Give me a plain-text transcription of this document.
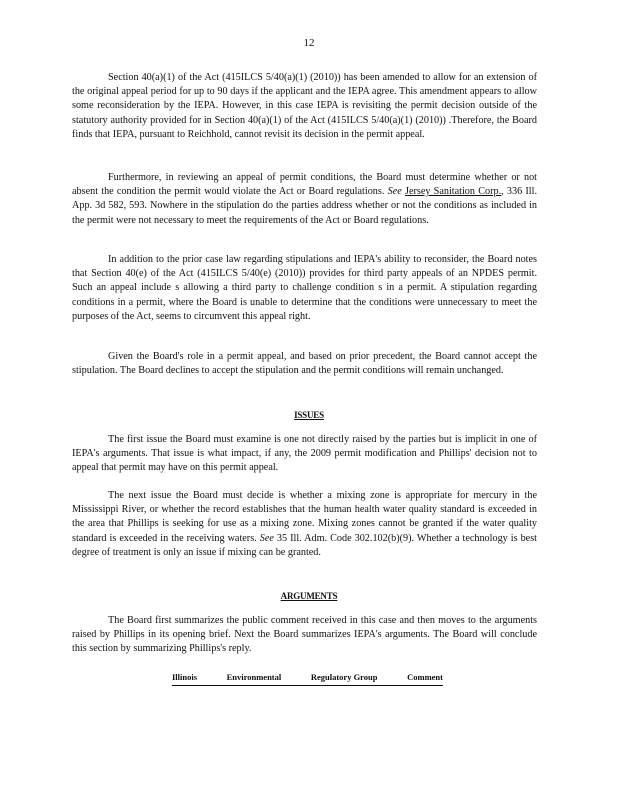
12

Section 40(a)(1) of the Act (415ILCS 5/40(a)(1) (2010)) has been amended to allow for an extension of the original appeal period for up to 90 days if the applicant and the IEPA agree. This amendment appears to allow some reconsideration by the IEPA. However, in this case IEPA is revisiting the permit decision outside of the statutory authority provided for in Section 40(a)(1) of the Act (415ILCS 5/40(a)(1) (2010)) .Therefore, the Board finds that IEPA, pursuant to Reichhold, cannot revisit its decision in the permit appeal.

Furthermore, in reviewing an appeal of permit conditions, the Board must determine whether or not absent the condition the permit would violate the Act or Board regulations. See Jersey Sanitation Corp., 336 Ill. App. 3d 582, 593. Nowhere in the stipulation do the parties address whether or not the conditions as included in the permit were not necessary to meet the requirements of the Act or Board regulations.

In addition to the prior case law regarding stipulations and IEPA's ability to reconsider, the Board notes that Section 40(e) of the Act (415ILCS 5/40(e) (2010)) provides for third party appeals of an NPDES permit. Such an appeal include s allowing a third party to challenge condition s in a permit. A stipulation regarding conditions in a permit, where the Board is unable to determine that the conditions were unnecessary to meet the purposes of the Act, seems to circumvent this appeal right.

Given the Board's role in a permit appeal, and based on prior precedent, the Board cannot accept the stipulation. The Board declines to accept the stipulation and the permit conditions will remain unchanged.

ISSUES

The first issue the Board must examine is one not directly raised by the parties but is implicit in one of IEPA's arguments. That issue is what impact, if any, the 2009 permit modification and Phillips' decision not to appeal that permit may have on this permit appeal.

The next issue the Board must decide is whether a mixing zone is appropriate for mercury in the Mississippi River, or whether the record establishes that the human health water quality standard is exceeded in the area that Phillips is seeking for use as a mixing zone. Mixing zones cannot be granted if the water quality standard is exceeded in the receiving waters. See 35 Ill. Adm. Code 302.102(b)(9). Whether a technology is best degree of treatment is only an issue if mixing can be granted.

ARGUMENTS

The Board first summarizes the public comment received in this case and then moves to the arguments raised by Phillips in its opening brief. Next the Board summarizes IEPA's arguments. The Board will conclude this section by summarizing Phillips's reply.

Illinois	Environmental	Regulatory Group	Comment
